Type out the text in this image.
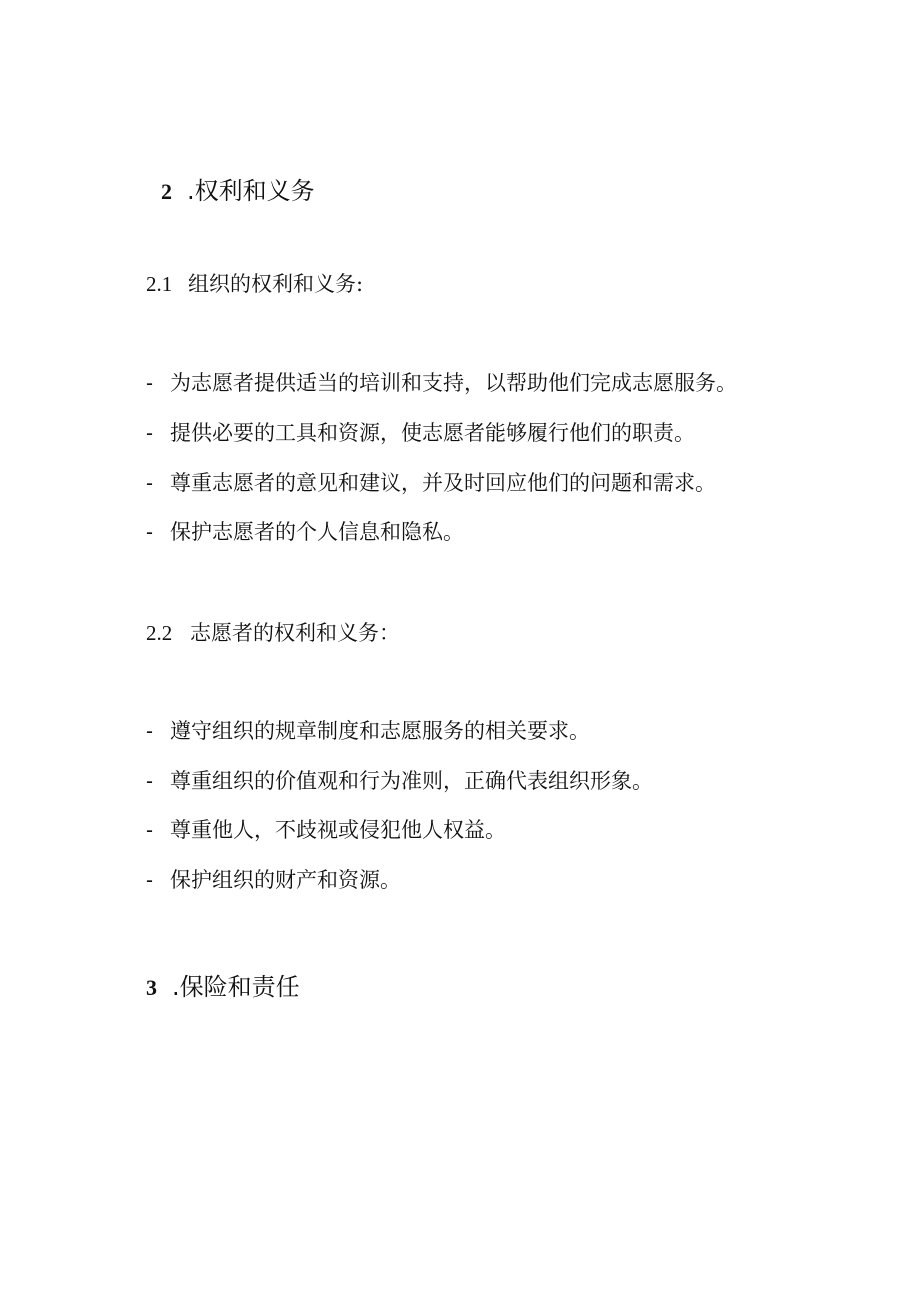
2 .权利和义务
2.1 组织的权利和义务:
- 为志愿者提供适当的培训和支持，以帮助他们完成志愿服务。
- 提供必要的工具和资源，使志愿者能够履行他们的职责。
- 尊重志愿者的意见和建议，并及时回应他们的问题和需求。
- 保护志愿者的个人信息和隐私。
2.2 志愿者的权利和义务：
- 遵守组织的规章制度和志愿服务的相关要求。
- 尊重组织的价值观和行为准则，正确代表组织形象。
- 尊重他人，不歧视或侵犯他人权益。
- 保护组织的财产和资源。
3 .保险和责任
